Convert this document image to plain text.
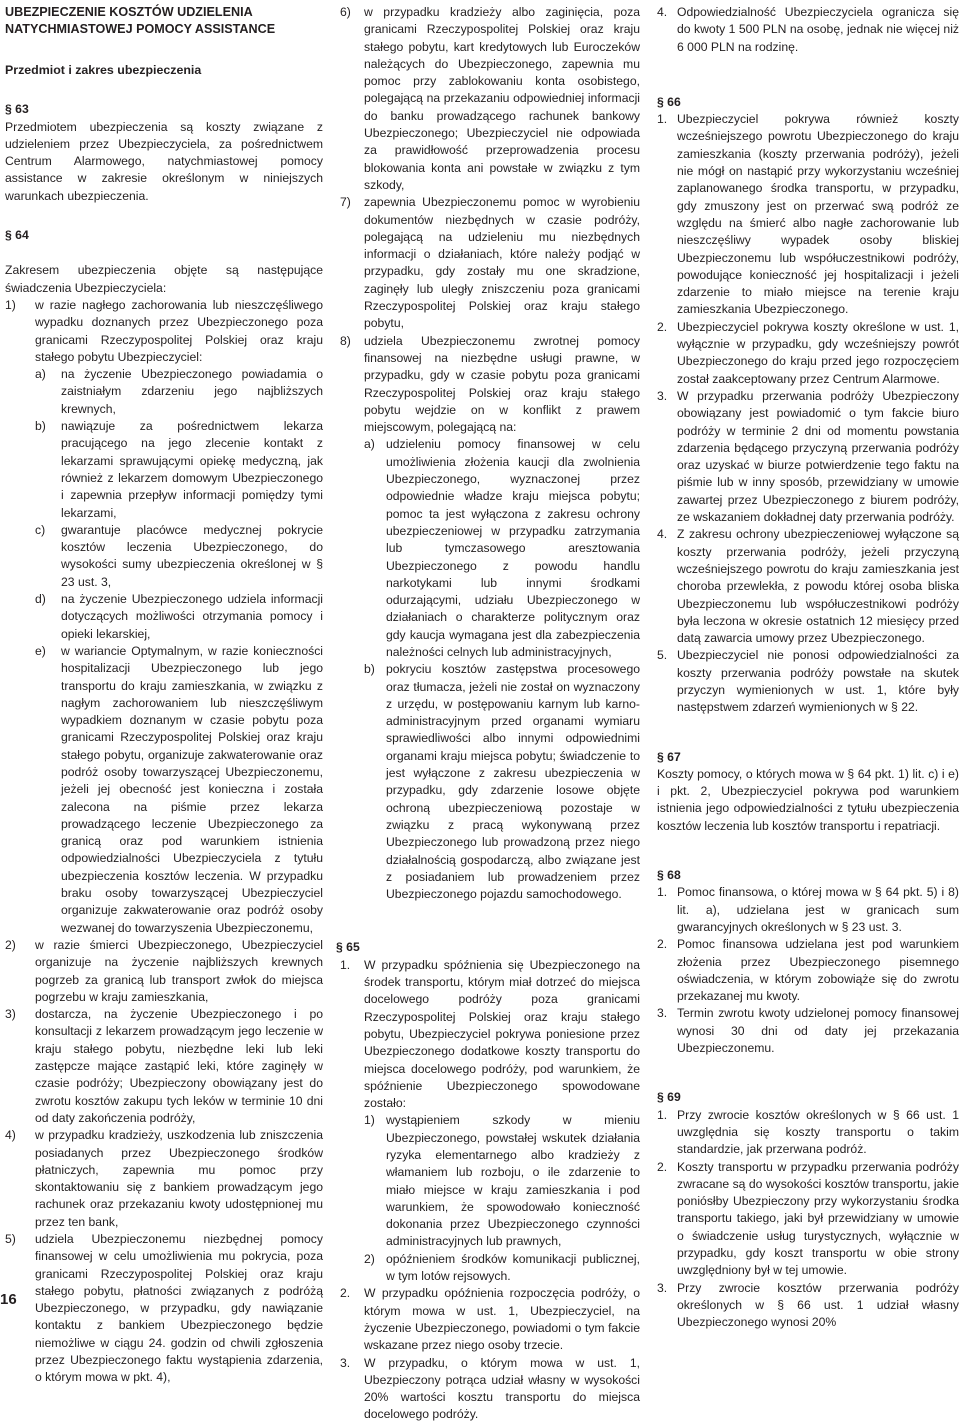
UBEZPIECZENIE KOSZTÓW UDZIELENIA NATYCHMIASTOWEJ POMOCY ASSISTANCE
Przedmiot i zakres ubezpieczenia
§ 63
Przedmiotem ubezpieczenia są koszty związane z udzieleniem przez Ubezpieczyciela, za pośrednictwem Centrum Alarmowego, natychmiastowej pomocy assistance w zakresie określonym w niniejszych warunkach ubezpieczenia.
§ 64
Zakresem ubezpieczenia objęte są następujące świadczenia Ubezpieczyciela:
1) w razie nagłego zachorowania lub nieszczęśliwego wypadku doznanych przez Ubezpieczonego poza granicami Rzeczypospolitej Polskiej oraz kraju stałego pobytu Ubezpieczyciel:
a) na życzenie Ubezpieczonego powiadamia o zaistniałym zdarzeniu jego najbliższych krewnych,
b) nawiązuje za pośrednictwem lekarza pracującego na jego zlecenie kontakt z lekarzami sprawującymi opiekę medyczną, jak również z lekarzem domowym Ubezpieczonego i zapewnia przepływ informacji pomiędzy tymi lekarzami,
c) gwarantuje placówce medycznej pokrycie kosztów leczenia Ubezpieczonego, do wysokości sumy ubezpieczenia określonej w § 23 ust. 3,
d) na życzenie Ubezpieczonego udziela informacji dotyczących możliwości otrzymania pomocy i opieki lekarskiej,
e) w wariancie Optymalnym, w razie konieczności hospitalizacji Ubezpieczonego lub jego transportu do kraju zamieszkania, w związku z nagłym zachorowaniem lub nieszczęśliwym wypadkiem doznanym w czasie pobytu poza granicami Rzeczypospolitej Polskiej oraz kraju stałego pobytu, organizuje zakwaterowanie oraz podróż osoby towarzyszącej Ubezpieczonemu, jeżeli jej obecność jest konieczna i została zalecona na piśmie przez lekarza prowadzącego leczenie Ubezpieczonego za granicą oraz pod warunkiem istnienia odpowiedzialności Ubezpieczyciela z tytułu ubezpieczenia kosztów leczenia. W przypadku braku osoby towarzyszącej Ubezpieczyciel organizuje zakwaterowanie oraz podróż osoby wezwanej do towarzyszenia Ubezpieczonemu,
2) w razie śmierci Ubezpieczonego, Ubezpieczyciel organizuje na życzenie najbliższych krewnych pogrzeb za granicą lub transport zwłok do miejsca pogrzebu w kraju zamieszkania,
3) dostarcza, na życzenie Ubezpieczonego i po konsultacji z lekarzem prowadzącym jego leczenie w kraju stałego pobytu, niezbędne leki lub leki zastępcze mające zastąpić leki, które zaginęły w czasie podróży; Ubezpieczony obowiązany jest do zwrotu kosztów zakupu tych leków w terminie 10 dni od daty zakończenia podróży,
4) w przypadku kradzieży, uszkodzenia lub zniszczenia posiadanych przez Ubezpieczonego środków płatniczych, zapewnia mu pomoc przy skontaktowaniu się z bankiem prowadzącym jego rachunek oraz przekazaniu kwoty udostępnionej mu przez ten bank,
5) udziela Ubezpieczonemu niezbędnej pomocy finansowej w celu umożliwienia mu pokrycia, poza granicami Rzeczypospolitej Polskiej oraz kraju stałego pobytu, płatności związanych z podróżą Ubezpieczonego, w przypadku, gdy nawiązanie kontaktu z bankiem Ubezpieczonego będzie niemożliwe w ciągu 24. godzin od chwili zgłoszenia przez Ubezpieczonego faktu wystąpienia zdarzenia, o którym mowa w pkt. 4),
6) w przypadku kradzieży albo zaginięcia, poza granicami Rzeczypospolitej Polskiej oraz kraju stałego pobytu, kart kredytowych lub Euroczeków należących do Ubezpieczonego, zapewnia mu pomoc przy zablokowaniu konta osobistego, polegającą na przekazaniu odpowiedniej informacji do banku prowadzącego rachunek bankowy Ubezpieczonego; Ubezpieczyciel nie odpowiada za prawidłowość przeprowadzenia procesu blokowania konta ani powstałe w związku z tym szkody,
7) zapewnia Ubezpieczonemu pomoc w wyrobieniu dokumentów niezbędnych w czasie podróży, polegającą na udzieleniu mu niezbędnych informacji o działaniach, które należy podjąć w przypadku, gdy zostały mu one skradzione, zaginęły lub uległy zniszczeniu poza granicami Rzeczypospolitej Polskiej oraz kraju stałego pobytu,
8) udziela Ubezpieczonemu zwrotnej pomocy finansowej na niezbędne usługi prawne, w przypadku, gdy w czasie pobytu poza granicami Rzeczypospolitej Polskiej oraz kraju stałego pobytu wejdzie on w konflikt z prawem miejscowym, polegającą na:
a) udzieleniu pomocy finansowej w celu umożliwienia złożenia kaucji dla zwolnienia Ubezpieczonego, wyznaczonej przez odpowiednie władze kraju miejsca pobytu; pomoc ta jest wyłączona z zakresu ochrony ubezpieczeniowej w przypadku zatrzymania lub tymczasowego aresztowania Ubezpieczonego z powodu handlu narkotykami lub innymi środkami odurzającymi, udziału Ubezpieczonego w działaniach o charakterze politycznym oraz gdy kaucja wymagana jest dla zabezpieczenia należności celnych lub administracyjnych,
b) pokryciu kosztów zastępstwa procesowego oraz tłumacza, jeżeli nie został on wyznaczony z urzędu, w postępowaniu karnym lub karno-administracyjnym przed organami wymiaru sprawiedliwości albo innymi odpowiednimi organami kraju miejsca pobytu; świadczenie to jest wyłączone z zakresu ubezpieczenia w przypadku, gdy zdarzenie losowe objęte ochroną ubezpieczeniową pozostaje w związku z pracą wykonywaną przez Ubezpieczonego lub prowadzoną przez niego działalnością gospodarczą, albo związane jest z posiadaniem lub prowadzeniem przez Ubezpieczonego pojazdu samochodowego.
§ 65
1. W przypadku spóźnienia się Ubezpieczonego na środek transportu, którym miał dotrzeć do miejsca docelowego podróży poza granicami Rzeczypospolitej Polskiej oraz kraju stałego pobytu, Ubezpieczyciel pokrywa poniesione przez Ubezpieczonego dodatkowe koszty transportu do miejsca docelowego podróży, pod warunkiem, że spóźnienie Ubezpieczonego spowodowane zostało:
1) wystąpieniem szkody w mieniu Ubezpieczonego, powstałej wskutek działania ryzyka elementarnego albo kradzieży z włamaniem lub rozboju, o ile zdarzenie to miało miejsce w kraju zamieszkania i pod warunkiem, że spowodowało konieczność dokonania przez Ubezpieczonego czynności administracyjnych lub prawnych,
2) opóźnieniem środków komunikacji publicznej, w tym lotów rejsowych.
2. W przypadku opóźnienia rozpoczęcia podróży, o którym mowa w ust. 1, Ubezpieczyciel, na życzenie Ubezpieczonego, powiadomi o tym fakcie wskazane przez niego osoby trzecie.
3. W przypadku, o którym mowa w ust. 1, Ubezpieczony potrąca udział własny w wysokości 20% wartości kosztu transportu do miejsca docelowego podróży.
4. Odpowiedzialność Ubezpieczyciela ogranicza się do kwoty 1 500 PLN na osobę, jednak nie więcej niż 6 000 PLN na rodzinę.
§ 66
1. Ubezpieczyciel pokrywa również koszty wcześniejszego powrotu Ubezpieczonego do kraju zamieszkania (koszty przerwania podróży), jeżeli nie mógł on nastąpić przy wykorzystaniu wcześniej zaplanowanego środka transportu, w przypadku, gdy zmuszony jest on przerwać swą podróż ze względu na śmierć albo nagłe zachorowanie lub nieszczęśliwy wypadek osoby bliskiej Ubezpieczonemu lub współuczestnikowi podróży, powodujące konieczność jej hospitalizacji i jeżeli zdarzenie to miało miejsce na terenie kraju zamieszkania Ubezpieczonego.
2. Ubezpieczyciel pokrywa koszty określone w ust. 1, wyłącznie w przypadku, gdy wcześniejszy powrót Ubezpieczonego do kraju przed jego rozpoczęciem został zaakceptowany przez Centrum Alarmowe.
3. W przypadku przerwania podróży Ubezpieczony obowiązany jest powiadomić o tym fakcie biuro podróży w terminie 2 dni od momentu powstania zdarzenia będącego przyczyną przerwania podróży oraz uzyskać w biurze potwierdzenie tego faktu na piśmie lub w inny sposób, przewidziany w umowie zawartej przez Ubezpieczonego z biurem podróży, ze wskazaniem dokładnej daty przerwania podróży.
4. Z zakresu ochrony ubezpieczeniowej wyłączone są koszty przerwania podróży, jeżeli przyczyną wcześniejszego powrotu do kraju zamieszkania jest choroba przewlekła, z powodu której osoba bliska Ubezpieczonemu lub współuczestnikowi podróży była leczona w okresie ostatnich 12 miesięcy przed datą zawarcia umowy przez Ubezpieczonego.
5. Ubezpieczyciel nie ponosi odpowiedzialności za koszty przerwania podróży powstałe na skutek przyczyn wymienionych w ust. 1, które były następstwem zdarzeń wymienionych w § 22.
§ 67
Koszty pomocy, o których mowa w § 64 pkt. 1) lit. c) i e) i pkt. 2, Ubezpieczyciel pokrywa pod warunkiem istnienia jego odpowiedzialności z tytułu ubezpieczenia kosztów leczenia lub kosztów transportu i repatriacji.
§ 68
1. Pomoc finansowa, o której mowa w § 64 pkt. 5) i 8) lit. a), udzielana jest w granicach sum gwarancyjnych określonych w § 23 ust. 3.
2. Pomoc finansowa udzielana jest pod warunkiem złożenia przez Ubezpieczonego pisemnego oświadczenia, w którym zobowiąże się do zwrotu przekazanej mu kwoty.
3. Termin zwrotu kwoty udzielonej pomocy finansowej wynosi 30 dni od daty jej przekazania Ubezpieczonemu.
§ 69
1. Przy zwrocie kosztów określonych w § 66 ust. 1 uwzględnia się koszty transportu o takim standardzie, jak przerwana podróż.
2. Koszty transportu w przypadku przerwania podróży zwracane są do wysokości kosztów transportu, jakie poniósłby Ubezpieczony przy wykorzystaniu środka transportu takiego, jaki był przewidziany w umowie o świadczenie usług turystycznych, wyłącznie w przypadku, gdy koszt transportu w obie strony uwzględniony był w tej umowie.
3. Przy zwrocie kosztów przerwania podróży określonych w § 66 ust. 1 udział własny Ubezpieczonego wynosi 20%
16
